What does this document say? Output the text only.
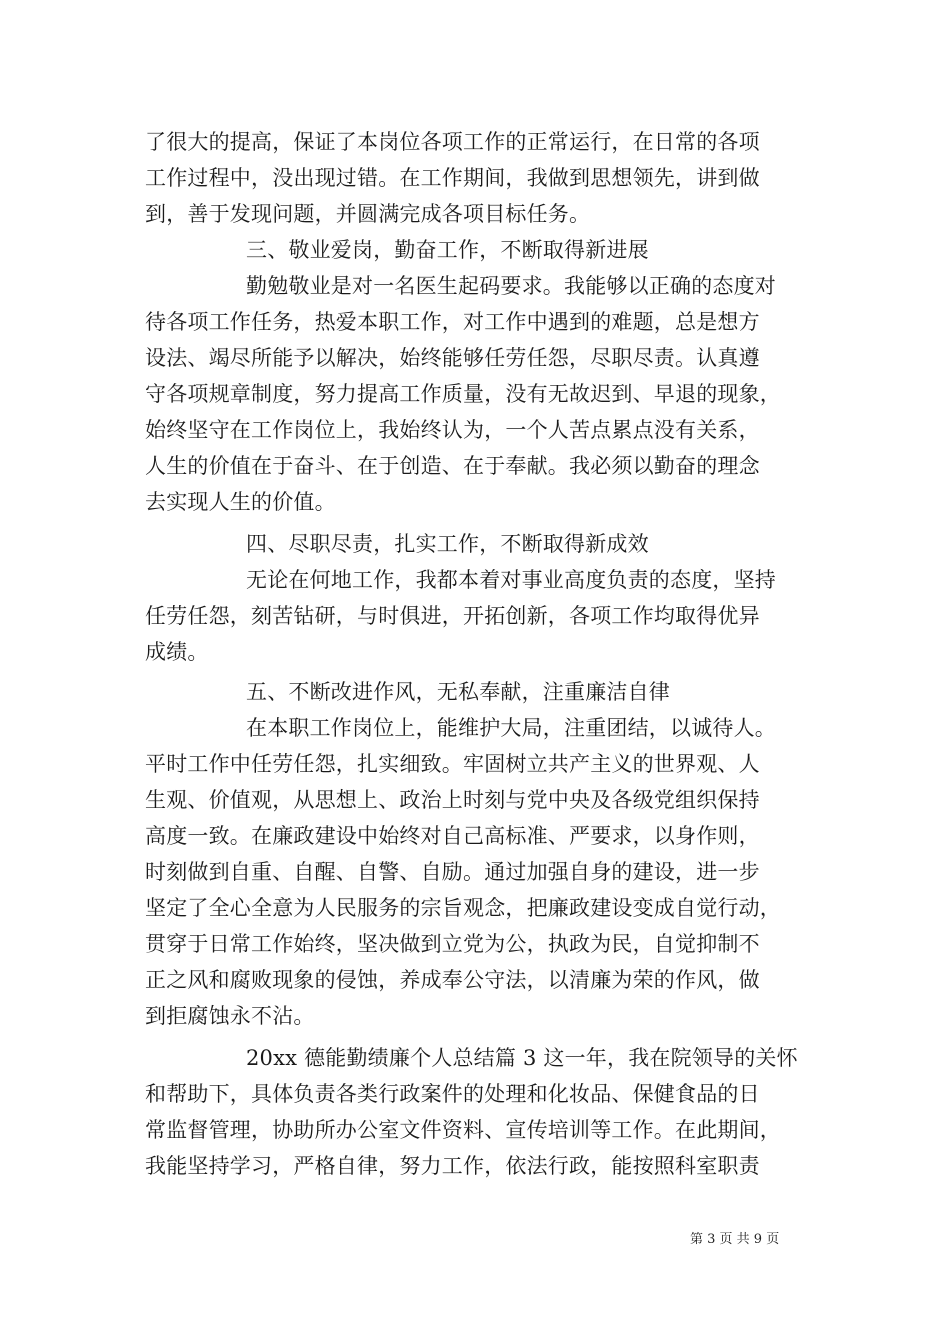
了很大的提高，保证了本岗位各项工作的正常运行，在日常的各项
工作过程中，没出现过错。在工作期间，我做到思想领先，讲到做
到，善于发现问题，并圆满完成各项目标任务。
三、敬业爱岗，勤奋工作，不断取得新进展
勤勉敬业是对一名医生起码要求。我能够以正确的态度对
待各项工作任务，热爱本职工作，对工作中遇到的难题，总是想方
设法、竭尽所能予以解决，始终能够任劳任怨，尽职尽责。认真遵
守各项规章制度，努力提高工作质量，没有无故迟到、早退的现象，
始终坚守在工作岗位上，我始终认为，一个人苦点累点没有关系，
人生的价值在于奋斗、在于创造、在于奉献。我必须以勤奋的理念
去实现人生的价值。
四、尽职尽责，扎实工作，不断取得新成效
无论在何地工作，我都本着对事业高度负责的态度，坚持
任劳任怨，刻苦钻研，与时俱进，开拓创新，各项工作均取得优异
成绩。
五、不断改进作风，无私奉献，注重廉洁自律
在本职工作岗位上，能维护大局，注重团结，以诚待人。
平时工作中任劳任怨，扎实细致。牢固树立共产主义的世界观、人
生观、价值观，从思想上、政治上时刻与党中央及各级党组织保持
高度一致。在廉政建设中始终对自己高标准、严要求，以身作则，
时刻做到自重、自醒、自警、自励。通过加强自身的建设，进一步
坚定了全心全意为人民服务的宗旨观念，把廉政建设变成自觉行动，
贯穿于日常工作始终，坚决做到立党为公，执政为民，自觉抑制不
正之风和腐败现象的侵蚀，养成奉公守法，以清廉为荣的作风，做
到拒腐蚀永不沾。
20xx 德能勤绩廉个人总结篇 3 这一年，我在院领导的关怀
和帮助下，具体负责各类行政案件的处理和化妆品、保健食品的日
常监督管理，协助所办公室文件资料、宣传培训等工作。在此期间，
我能坚持学习，严格自律，努力工作，依法行政，能按照科室职责
第 3 页 共 9 页
